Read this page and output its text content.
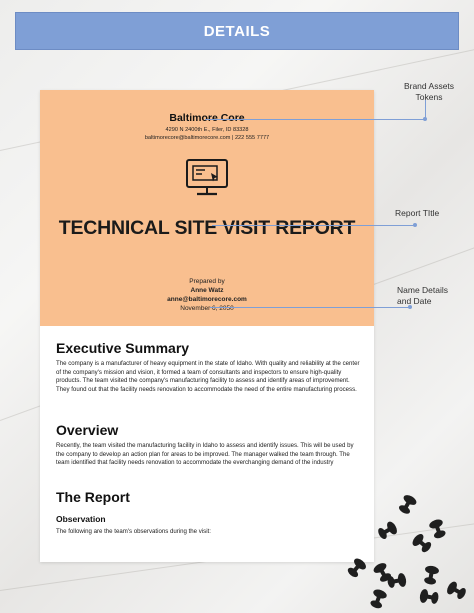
DETAILS
Baltimore Core
4290 N 2400th E., Filer, ID 83328
baltimorecore@baltimorecore.com | 222 555 7777
TECHNICAL SITE VISIT REPORT
Prepared by
Anne Watz
anne@baltimorecore.com
November 6, 2050
Executive Summary

The company is a manufacturer of heavy equipment in the state of Idaho. With quality and reliability at the center of the company's mission and vision, it formed a team of consultants and inspectors to ensure high-quality products. The team visited the company's manufacturing facility to assess and identify areas of improvement. They found out that the facility needs renovation to accommodate the need of the entire manufacturing process.

Overview

Recently, the team visited the manufacturing facility in Idaho to assess and identify issues. This will be used by the company to develop an action plan for areas to be improved. The manager walked the team through. The team identified that facility needs renovation to accommodate the everchanging demand of the industry

The Report
Observation

The following are the team's observations during the visit:

Brand Assets Tokens
Report TItle
Name Details and Date
